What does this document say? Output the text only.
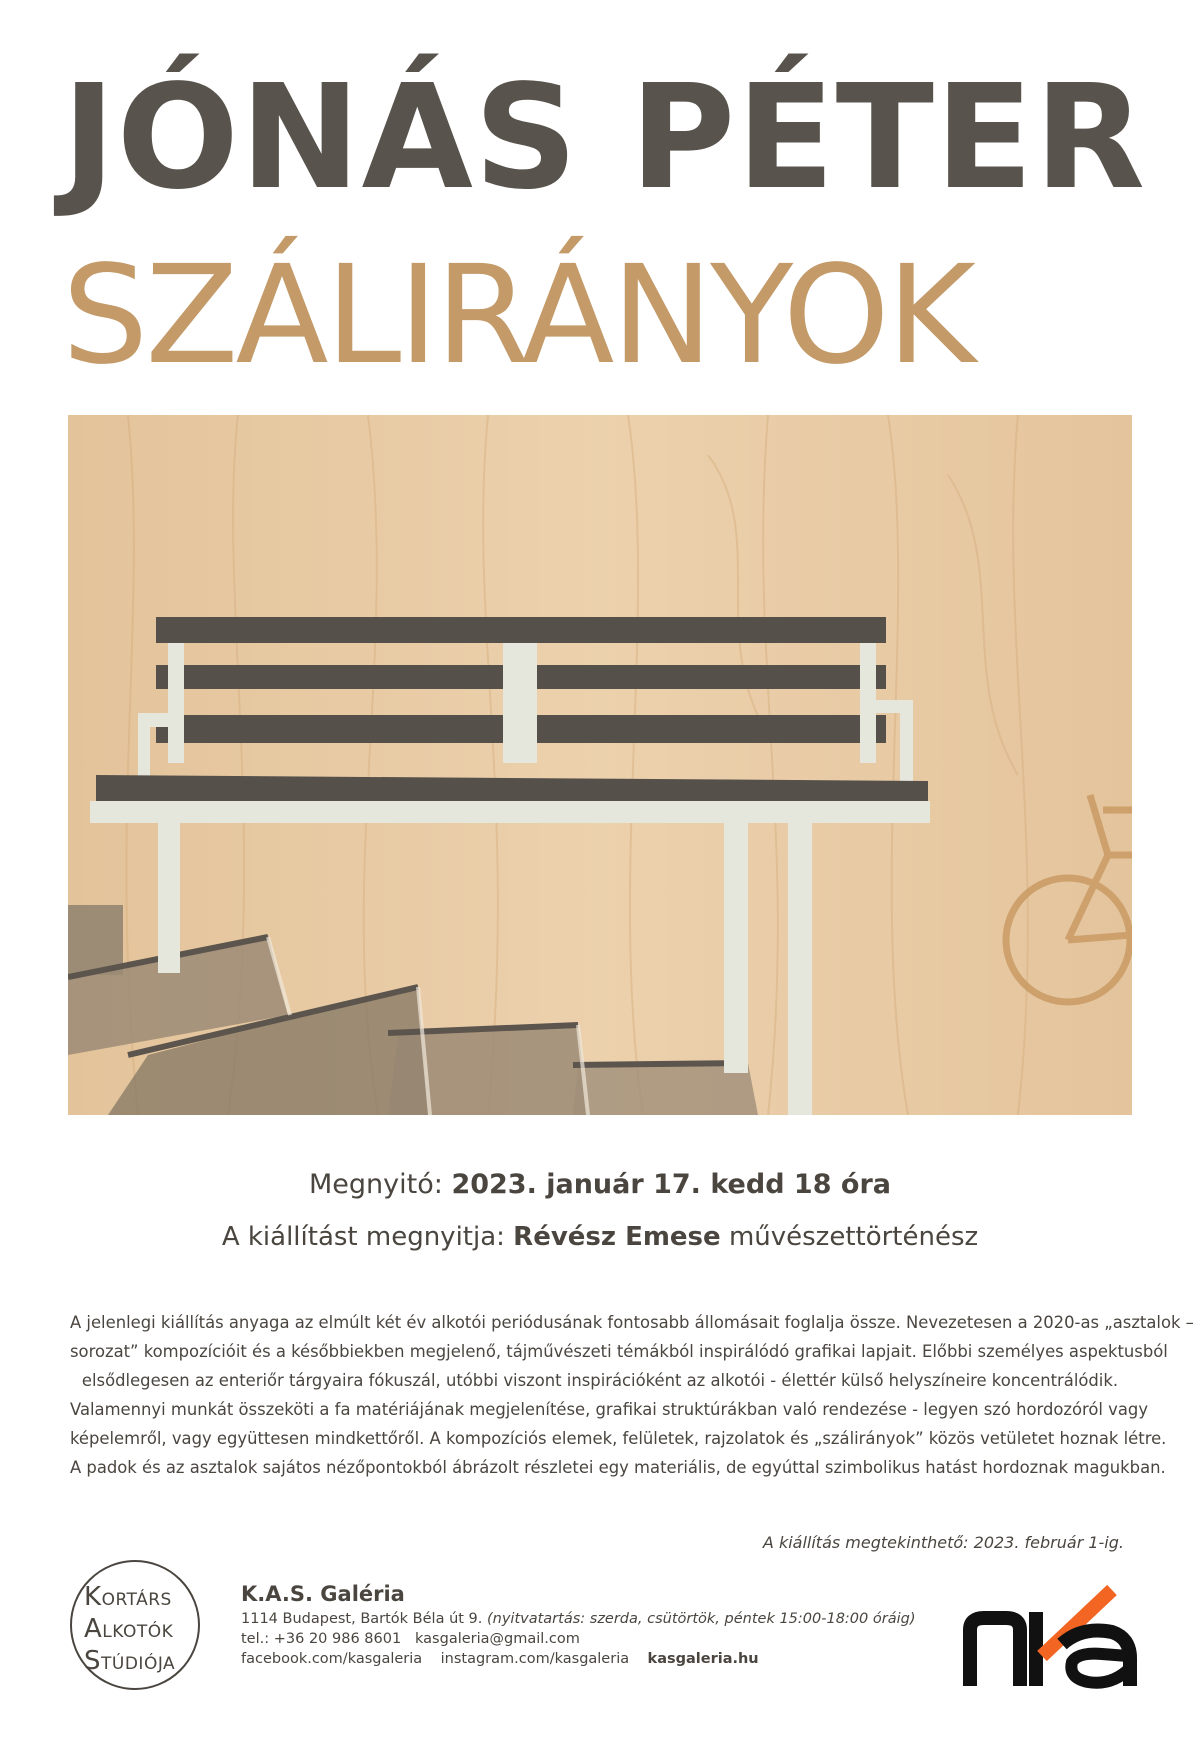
JÓNÁS PÉTER
SZÁLIRÁNYOK
Megnyitó: 2023. január 17. kedd 18 óra
A kiállítást megnyitja: Révész Emese művészettörténész
A jelenlegi kiállítás anyaga az elmúlt két év alkotói periódusának fontosabb állomásait foglalja össze. Nevezetesen a 2020-as „asztalok –
sorozat” kompozícióit és a későbbiekben megjelenő, tájművészeti témákból inspirálódó grafikai lapjait. Előbbi személyes aspektusból
elsődlegesen az enteriőr tárgyaira fókuszál, utóbbi viszont inspirációként az alkotói - élettér külső helyszíneire koncentrálódik.
Valamennyi munkát összeköti a fa matériájának megjelenítése, grafikai struktúrákban való rendezése - legyen szó hordozóról vagy
képelemről, vagy együttesen mindkettőről. A kompozíciós elemek, felületek, rajzolatok és „szálirányok” közös vetületet hoznak létre.
A padok és az asztalok sajátos nézőpontokból ábrázolt részletei egy materiális, de egyúttal szimbolikus hatást hordoznak magukban.
A kiállítás megtekinthető: 2023. február 1-ig.
KORTÁRS
ALKOTÓK
STÚDIÓJA
K.A.S. Galéria
1114 Budapest, Bartók Béla út 9. (nyitvatartás: szerda, csütörtök, péntek 15:00-18:00 óráig)
tel.: +36 20 986 8601 kasgaleria@gmail.com
facebook.com/kasgaleria instagram.com/kasgaleria kasgaleria.hu
